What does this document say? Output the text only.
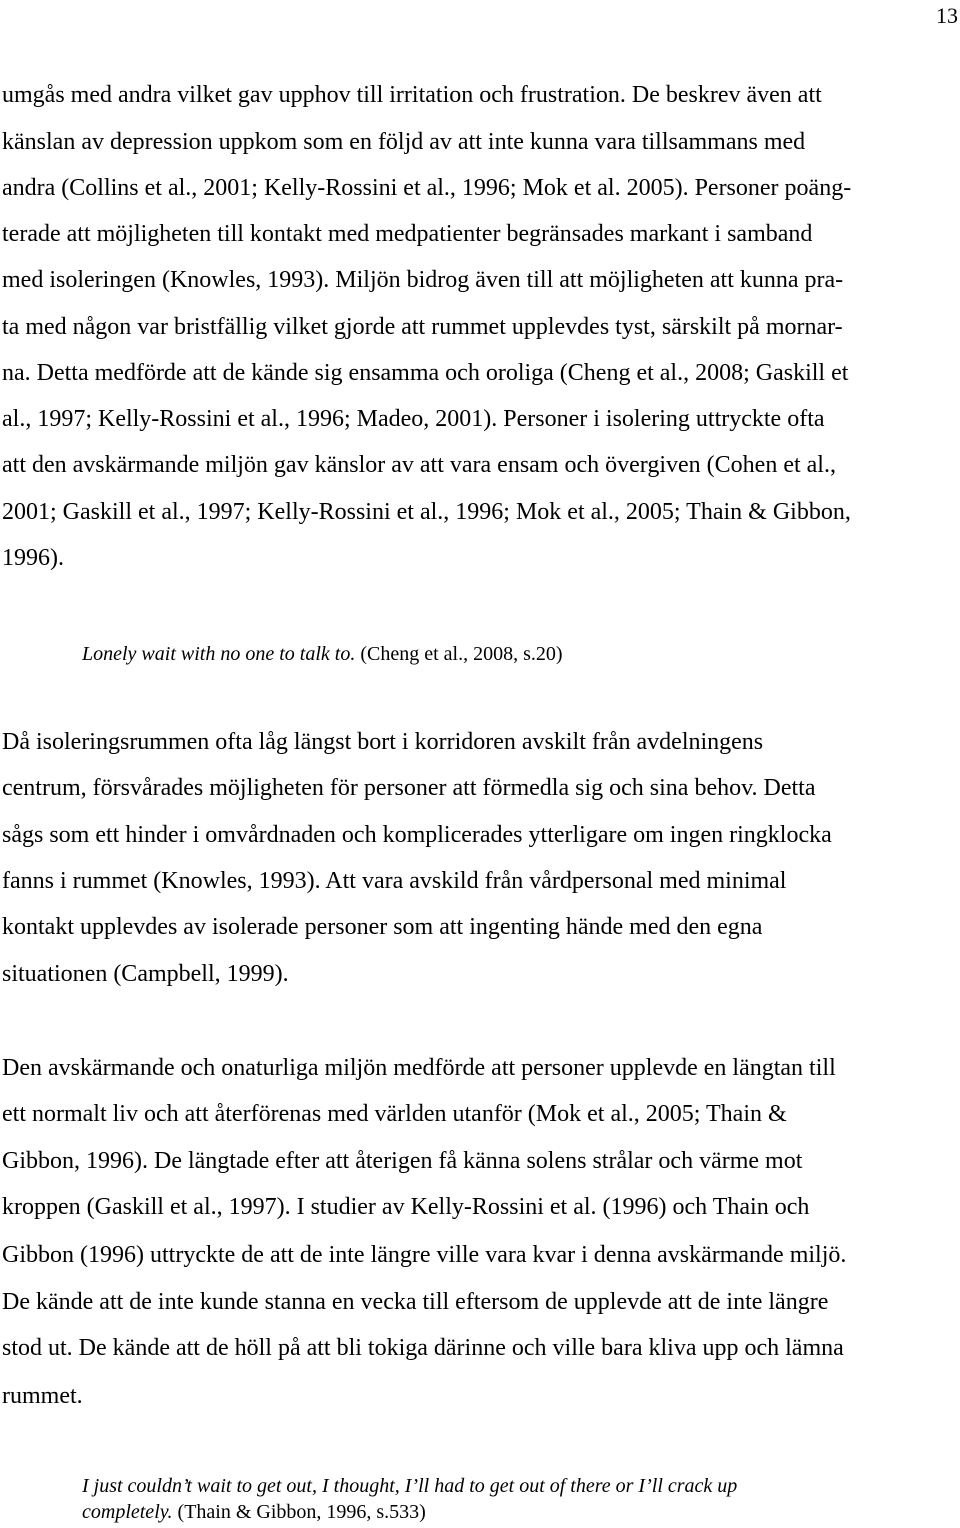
13
umgås med andra vilket gav upphov till irritation och frustration. De beskrev även att
känslan av depression uppkom som en följd av att inte kunna vara tillsammans med
andra (Collins et al., 2001; Kelly-Rossini et al., 1996; Mok et al. 2005). Personer poäng-
terade att möjligheten till kontakt med medpatienter begränsades markant i samband
med isoleringen (Knowles, 1993). Miljön bidrog även till att möjligheten att kunna pra-
ta med någon var bristfällig vilket gjorde att rummet upplevdes tyst, särskilt på mornar-
na. Detta medförde att de kände sig ensamma och oroliga (Cheng et al., 2008; Gaskill et
al., 1997; Kelly-Rossini et al., 1996; Madeo, 2001). Personer i isolering uttryckte ofta
att den avskärmande miljön gav känslor av att vara ensam och övergiven (Cohen et al.,
2001; Gaskill et al., 1997; Kelly-Rossini et al., 1996; Mok et al., 2005; Thain & Gibbon,
1996).
Lonely wait with no one to talk to. (Cheng et al., 2008, s.20)
Då isoleringsrummen ofta låg längst bort i korridoren avskilt från avdelningens
centrum, försvårades möjligheten för personer att förmedla sig och sina behov. Detta
sågs som ett hinder i omvårdnaden och komplicerades ytterligare om ingen ringklocka
fanns i rummet (Knowles, 1993). Att vara avskild från vårdpersonal med minimal
kontakt upplevdes av isolerade personer som att ingenting hände med den egna
situationen (Campbell, 1999).
Den avskärmande och onaturliga miljön medförde att personer upplevde en längtan till
ett normalt liv och att återförenas med världen utanför (Mok et al., 2005; Thain &
Gibbon, 1996). De längtade efter att återigen få känna solens strålar och värme mot
kroppen (Gaskill et al., 1997). I studier av Kelly-Rossini et al. (1996) och Thain och
Gibbon (1996) uttryckte de att de inte längre ville vara kvar i denna avskärmande miljö.
De kände att de inte kunde stanna en vecka till eftersom de upplevde att de inte längre
stod ut. De kände att de höll på att bli tokiga därinne och ville bara kliva upp och lämna
rummet.
I just couldn’t wait to get out, I thought, I’ll had to get out of there or I’ll crack up
completely. (Thain & Gibbon, 1996, s.533)
